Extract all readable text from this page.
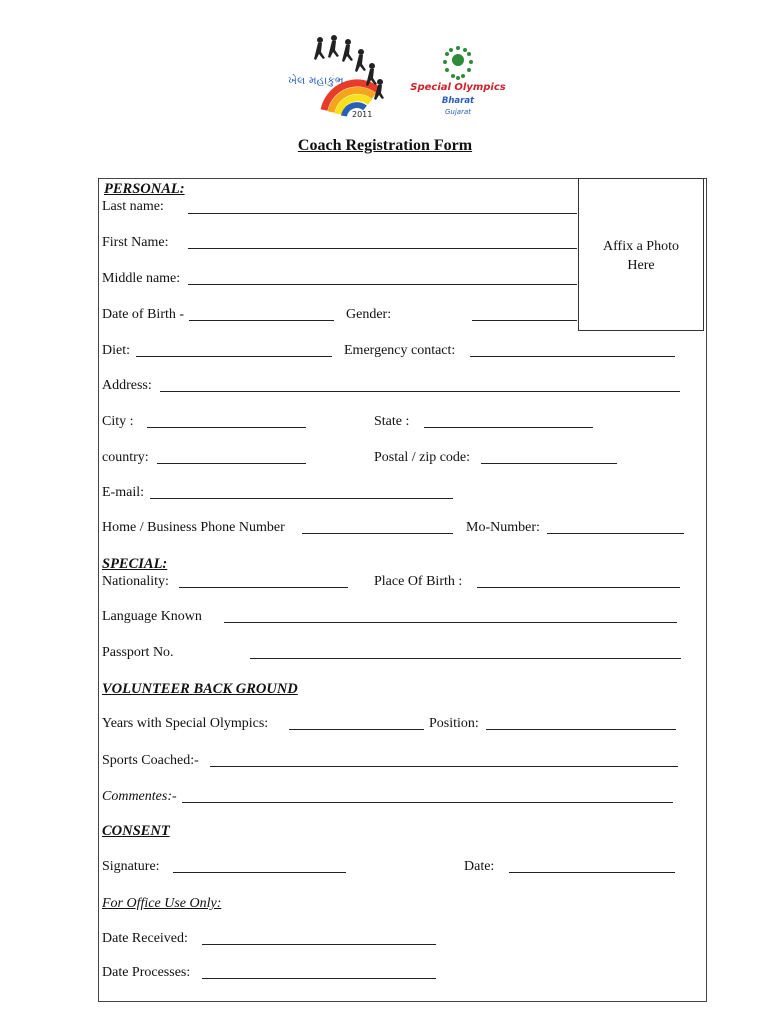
ખેલ મહાકુંભ
2011
Special Olympics
Bharat
Gujarat
Coach Registration Form
Affix a Photo
Here
PERSONAL:
Last name:
First Name:
Middle name:
Date of Birth -	Gender:
Diet:	Emergency contact:
Address:
City :	State :
country:	Postal / zip code:
E-mail:
Home / Business Phone Number	Mo-Number:
SPECIAL:
Nationality:	Place Of Birth :
Language Known
Passport No.
VOLUNTEER BACK GROUND
Years with Special Olympics:	Position:
Sports Coached:-
Commentes:-
CONSENT
Signature:	Date:
For Office Use Only:
Date Received:
Date Processes:
